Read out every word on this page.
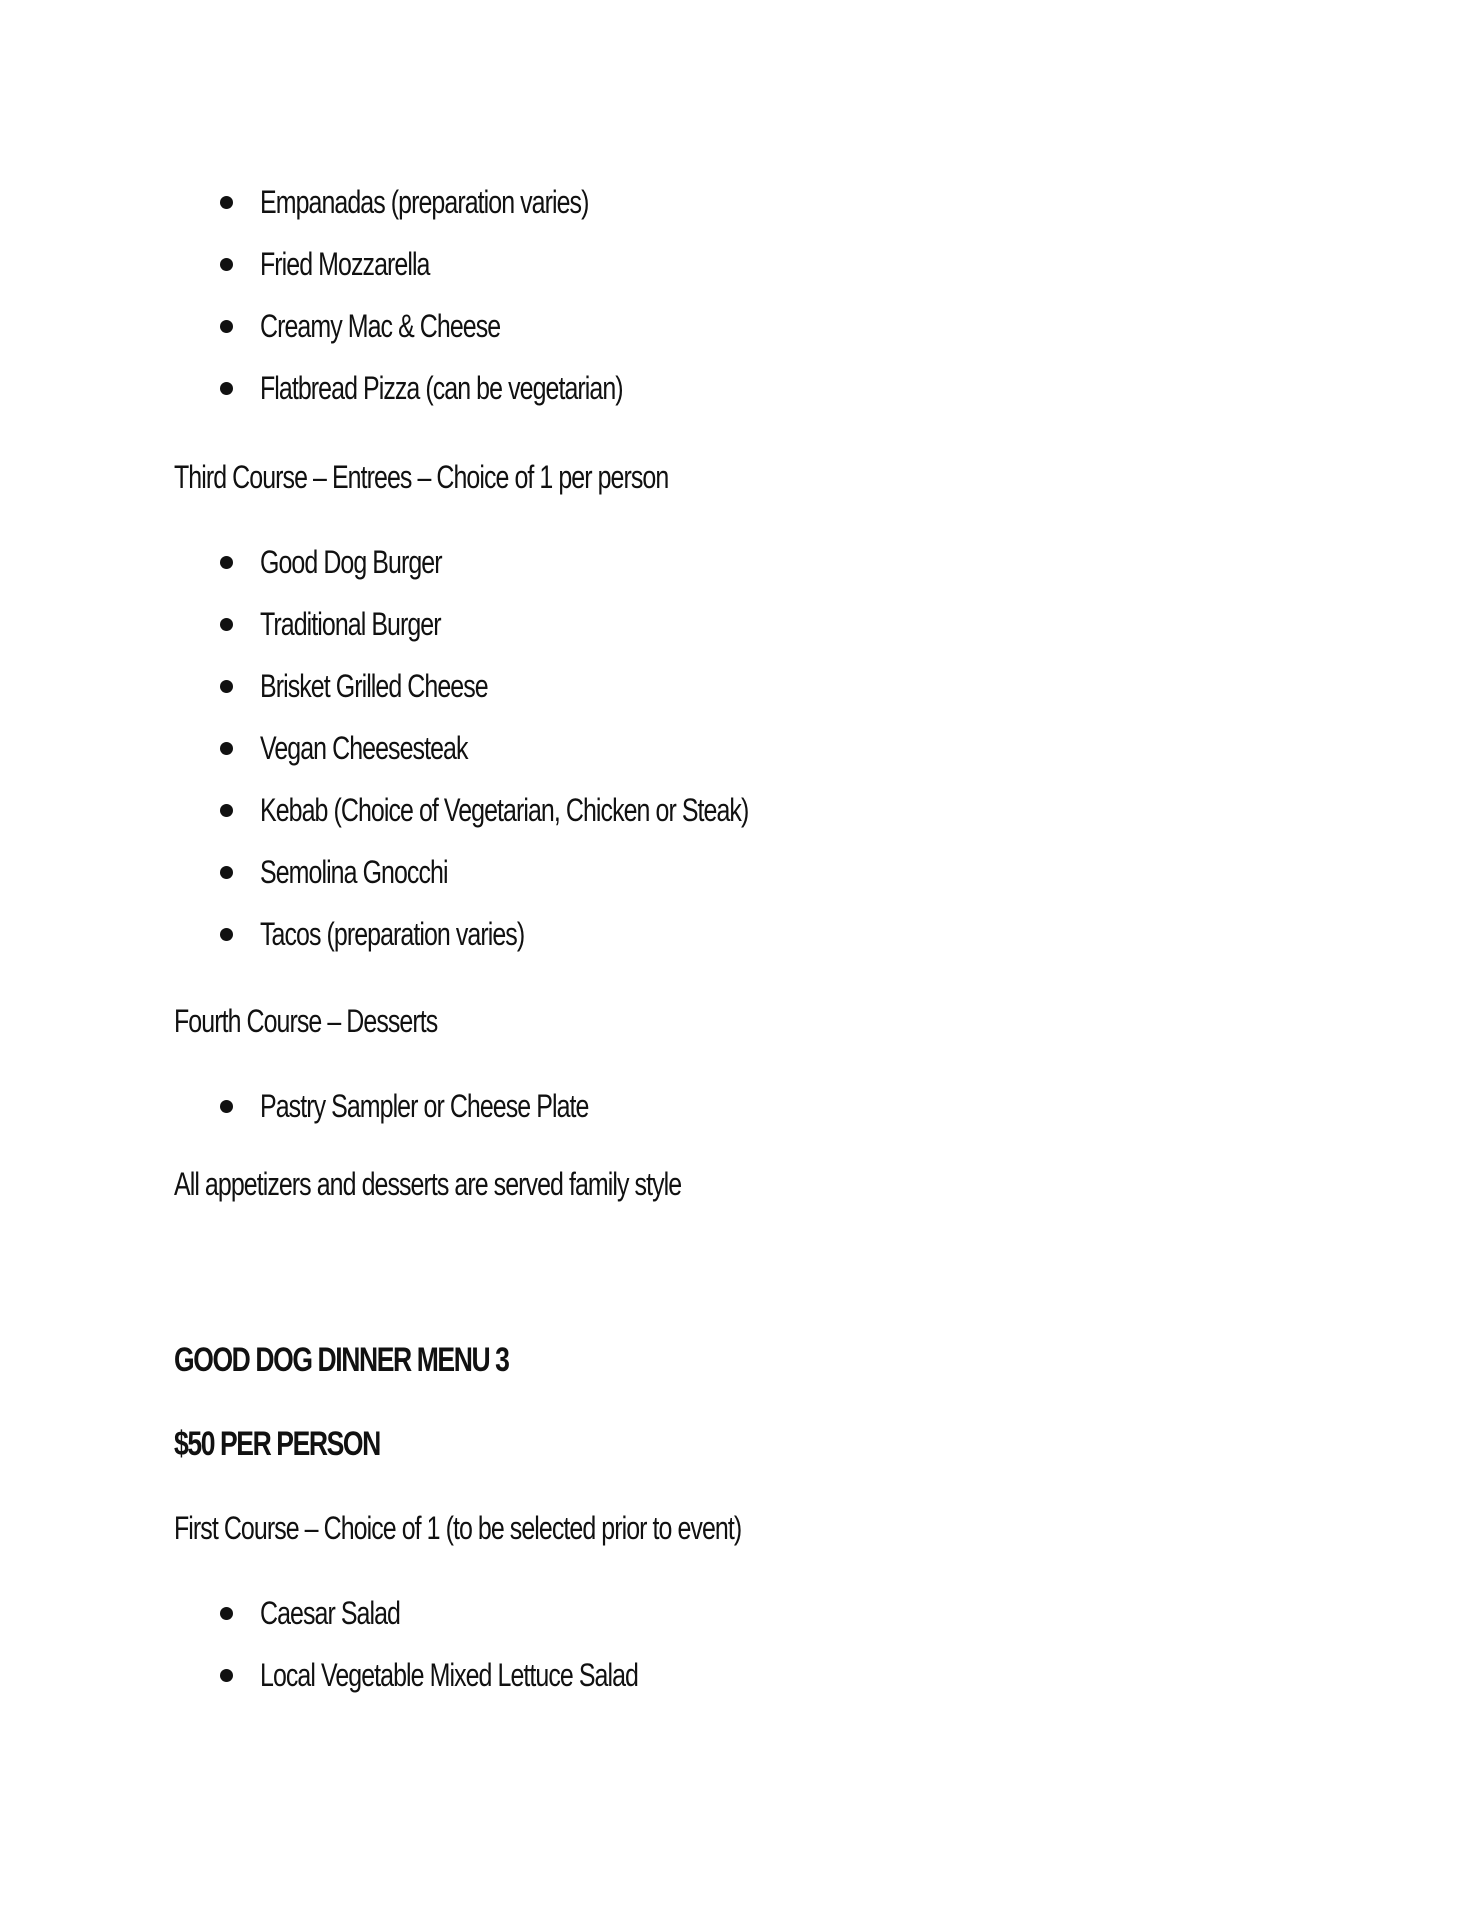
Empanadas (preparation varies)
Fried Mozzarella
Creamy Mac & Cheese
Flatbread Pizza (can be vegetarian)
Third Course – Entrees – Choice of 1 per person
Good Dog Burger
Traditional Burger
Brisket Grilled Cheese
Vegan Cheesesteak
Kebab (Choice of Vegetarian, Chicken or Steak)
Semolina Gnocchi
Tacos (preparation varies)
Fourth Course – Desserts
Pastry Sampler or Cheese Plate
All appetizers and desserts are served family style
GOOD DOG DINNER MENU 3
$50 PER PERSON
First Course – Choice of 1 (to be selected prior to event)
Caesar Salad
Local Vegetable Mixed Lettuce Salad
